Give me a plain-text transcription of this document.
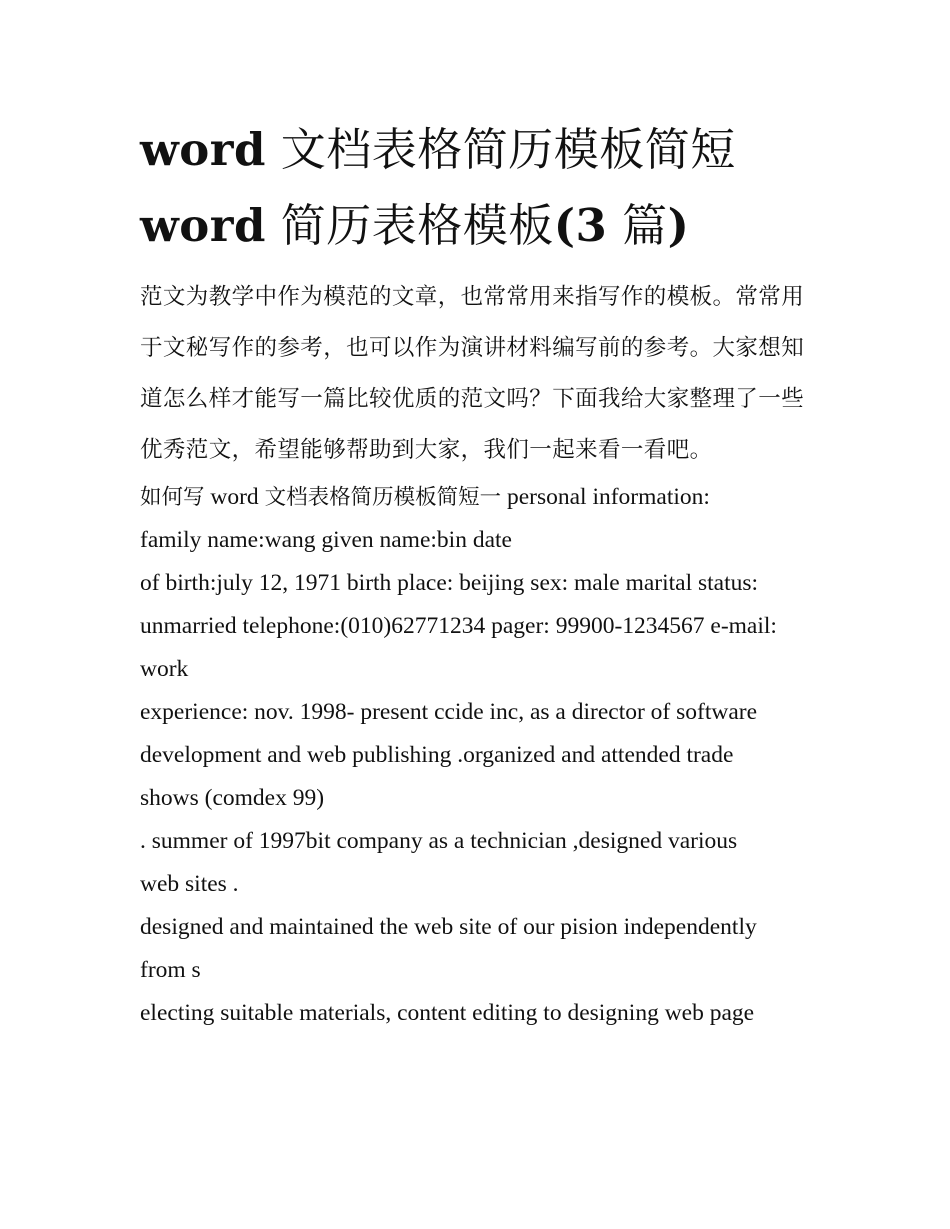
word 文档表格简历模板简短
word 简历表格模板(3 篇)

范文为教学中作为模范的文章，也常常用来指写作的模板。常常用于文秘写作的参考，也可以作为演讲材料编写前的参考。大家想知道怎么样才能写一篇比较优质的范文吗？下面我给大家整理了一些优秀范文，希望能够帮助到大家，我们一起来看一看吧。

如何写 word 文档表格简历模板简短一 personal information:

family name:wang given name:bin date

of birth:july 12, 1971 birth place: beijing sex: male marital status:

unmarried telephone:(010)62771234 pager: 99900-1234567 e-mail:

work

experience: nov. 1998- present ccide inc, as a director of software

development and web publishing .organized and attended trade

shows (comdex 99)

. summer of 1997bit company as a technician ,designed various

web sites .

designed and maintained the web site of our pision independently

from s

electing suitable materials, content editing to designing web page
